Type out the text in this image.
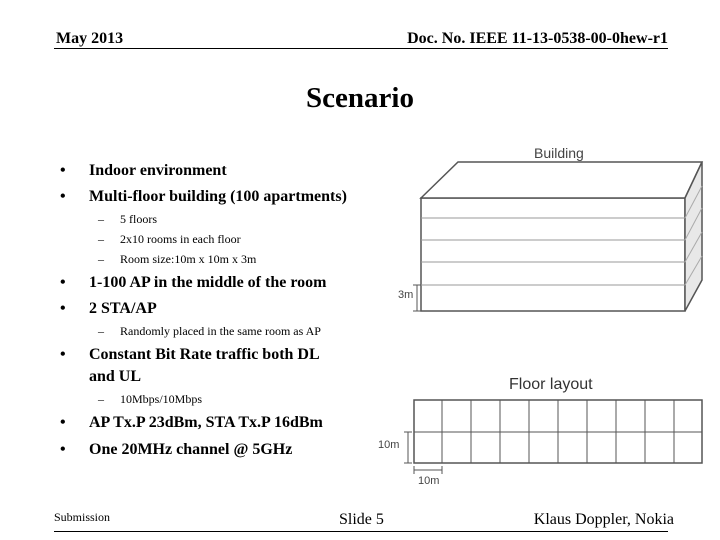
May 2013	Doc. No. IEEE 11-13-0538-00-0hew-r1
Scenario
• Indoor environment
• Multi-floor building (100 apartments)
– 5 floors
– 2x10 rooms in each floor
– Room size:10m x 10m x 3m
• 1-100 AP in the middle of the room
• 2 STA/AP
– Randomly placed in the same room as AP
• Constant Bit Rate traffic both DL
and UL
– 10Mbps/10Mbps
• AP Tx.P 23dBm, STA Tx.P 16dBm
• One 20MHz channel @ 5GHz
Building
3m
Floor layout
10m
10m
Submission	Slide 5	Klaus Doppler, Nokia
